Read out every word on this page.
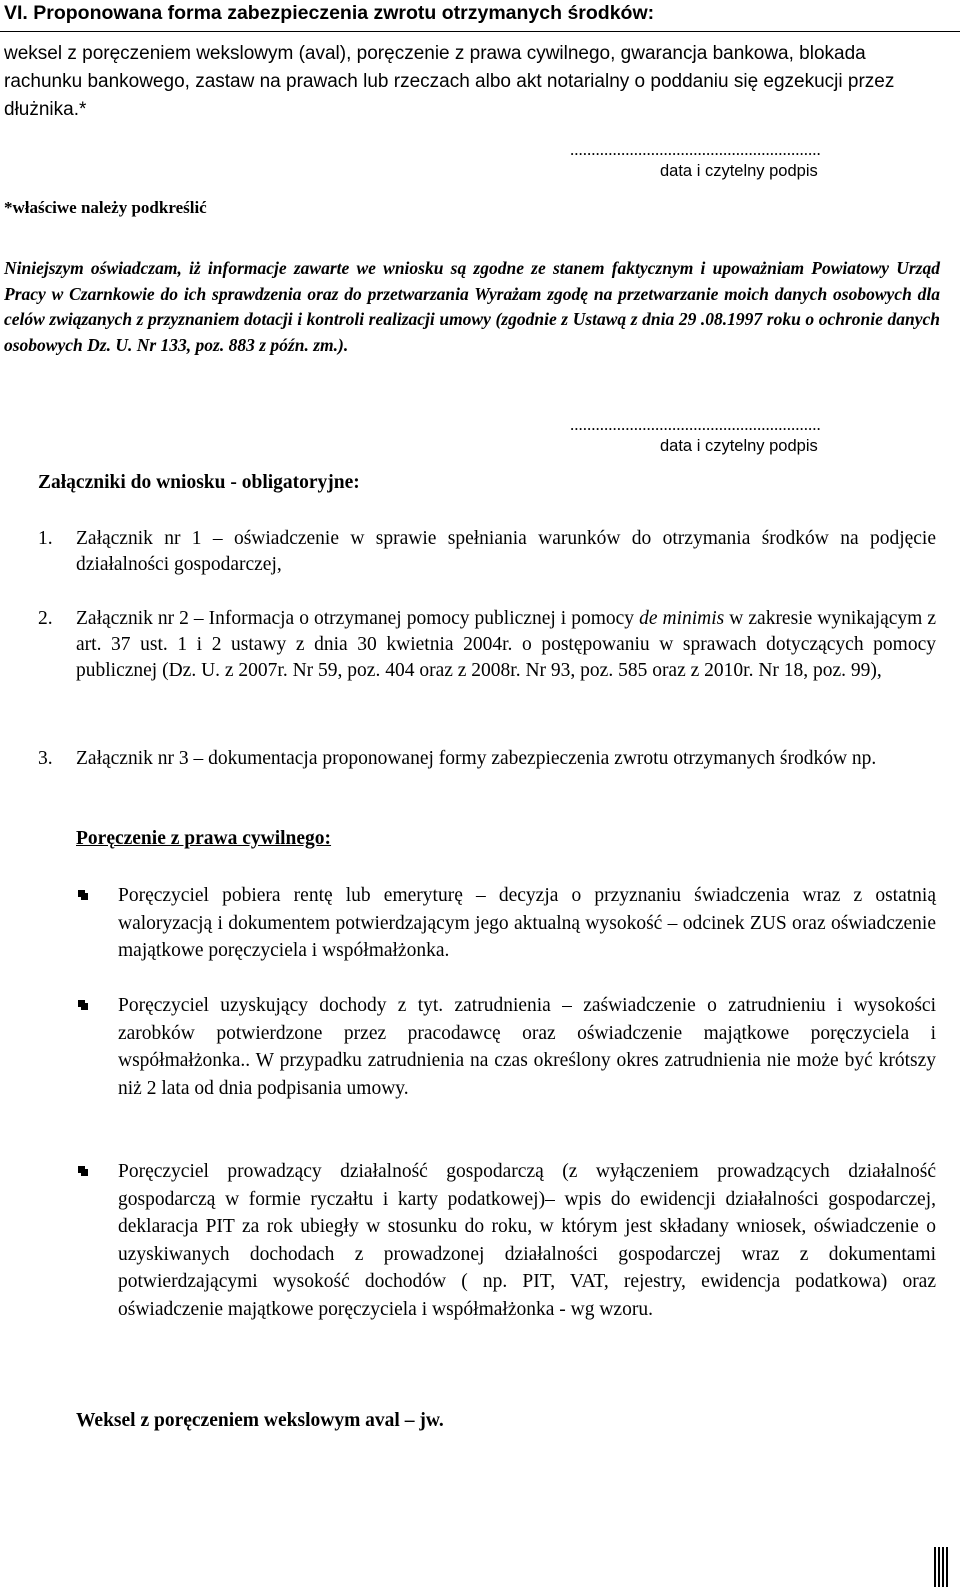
VI. Proponowana forma zabezpieczenia zwrotu otrzymanych środków:
weksel z poręczeniem wekslowym (aval), poręczenie z prawa cywilnego, gwarancja bankowa, blokada rachunku bankowego, zastaw na prawach lub rzeczach albo akt notarialny o poddaniu się egzekucji przez dłużnika.*
...........................................................
data i czytelny podpis
*właściwe należy podkreślić
Niniejszym oświadczam, iż informacje zawarte we wniosku są zgodne ze stanem faktycznym i upoważniam Powiatowy Urząd Pracy w Czarnkowie do ich sprawdzenia oraz do przetwarzania Wyrażam zgodę na przetwarzanie moich danych osobowych dla celów związanych z przyznaniem dotacji i kontroli realizacji umowy (zgodnie z Ustawą z dnia 29 .08.1997 roku o ochronie danych osobowych Dz. U. Nr 133, poz. 883 z późn. zm.).
...........................................................
data i czytelny podpis
Załączniki do wniosku - obligatoryjne:
1.	Załącznik nr 1 – oświadczenie w sprawie spełniania warunków do otrzymania środków na podjęcie działalności gospodarczej,
2.	Załącznik nr 2 – Informacja o otrzymanej pomocy publicznej i pomocy de minimis w zakresie wynikającym z art. 37 ust. 1 i 2 ustawy z dnia 30 kwietnia 2004r. o postępowaniu w sprawach dotyczących pomocy publicznej (Dz. U. z 2007r. Nr 59, poz. 404 oraz z 2008r. Nr 93, poz. 585 oraz z 2010r. Nr 18, poz. 99),
3.	Załącznik nr 3 – dokumentacja proponowanej formy zabezpieczenia zwrotu otrzymanych środków np.
Poręczenie z prawa cywilnego:
Poręczyciel pobiera rentę lub emeryturę – decyzja o przyznaniu świadczenia wraz z ostatnią waloryzacją i dokumentem potwierdzającym jego aktualną wysokość – odcinek ZUS oraz oświadczenie majątkowe poręczyciela i współmałżonka.
Poręczyciel uzyskujący dochody z tyt. zatrudnienia – zaświadczenie o zatrudnieniu i wysokości zarobków potwierdzone przez pracodawcę oraz oświadczenie majątkowe poręczyciela i współmałżonka.. W przypadku zatrudnienia na czas określony okres zatrudnienia nie może być krótszy niż 2 lata od dnia podpisania umowy.
Poręczyciel prowadzący działalność gospodarczą (z wyłączeniem prowadzących działalność gospodarczą w formie ryczałtu i karty podatkowej)– wpis do ewidencji działalności gospodarczej, deklaracja PIT za rok ubiegły w stosunku do roku, w którym jest składany wniosek, oświadczenie o uzyskiwanych dochodach z prowadzonej działalności gospodarczej wraz z dokumentami potwierdzającymi wysokość dochodów ( np. PIT, VAT, rejestry, ewidencja podatkowa) oraz oświadczenie majątkowe poręczyciela i współmałżonka - wg wzoru.
Weksel z poręczeniem wekslowym aval – jw.
